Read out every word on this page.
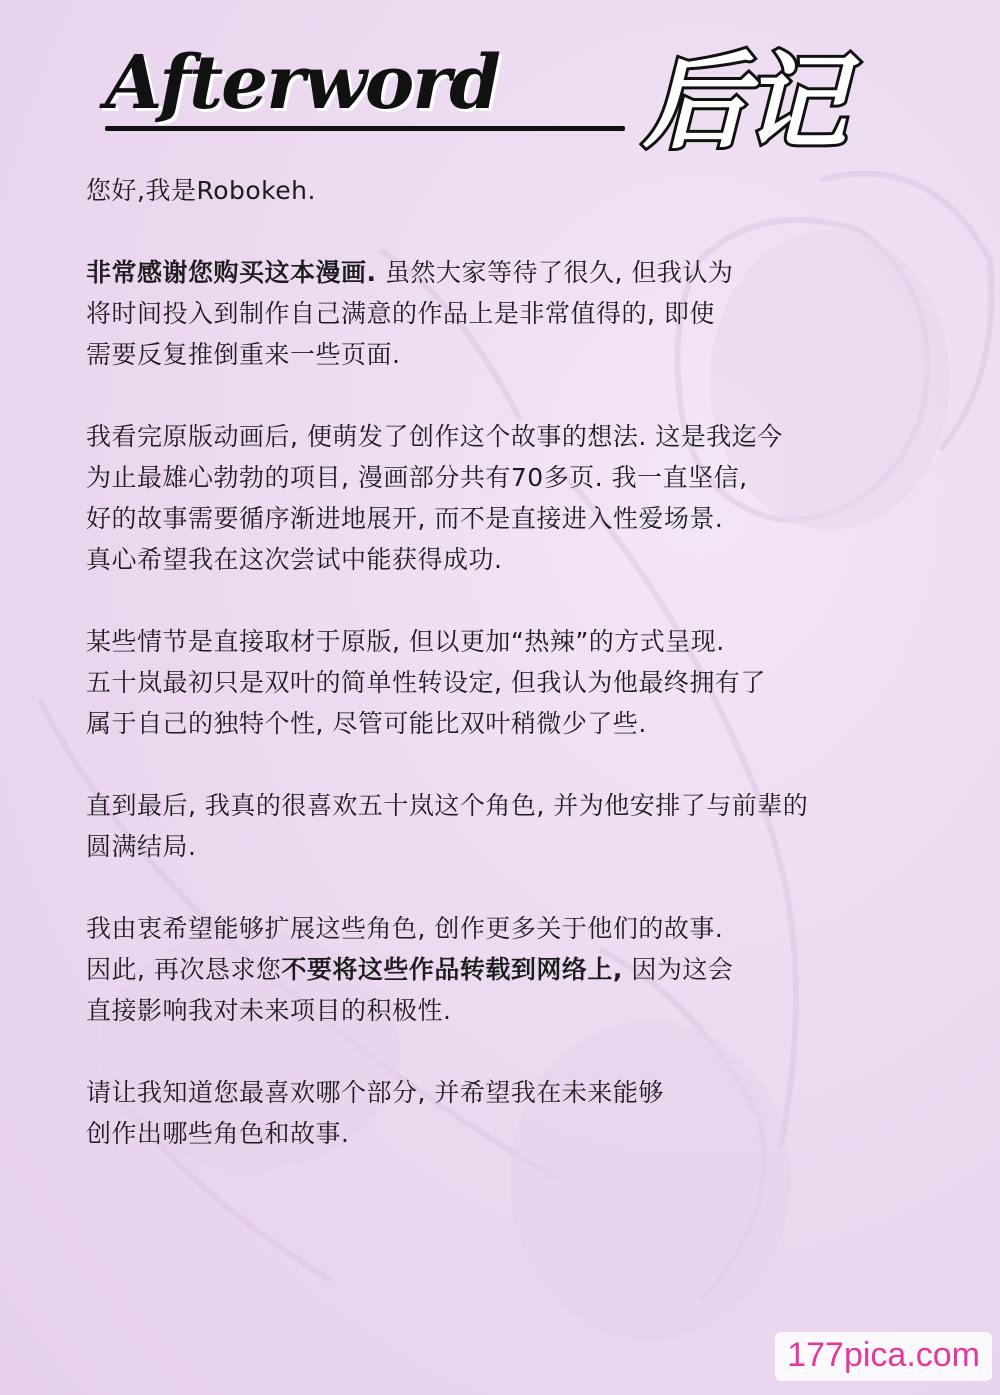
Afterword 后记

您好,我是Robokeh.

非常感谢您购买这本漫画. 虽然大家等待了很久, 但我认为
将时间投入到制作自己满意的作品上是非常值得的, 即使
需要反复推倒重来一些页面.

我看完原版动画后, 便萌发了创作这个故事的想法. 这是我迄今
为止最雄心勃勃的项目, 漫画部分共有70多页. 我一直坚信,
好的故事需要循序渐进地展开, 而不是直接进入性爱场景.
真心希望我在这次尝试中能获得成功.

某些情节是直接取材于原版, 但以更加“热辣”的方式呈现.
五十岚最初只是双叶的简单性转设定, 但我认为他最终拥有了
属于自己的独特个性, 尽管可能比双叶稍微少了些.

直到最后, 我真的很喜欢五十岚这个角色, 并为他安排了与前辈的
圆满结局.

我由衷希望能够扩展这些角色, 创作更多关于他们的故事.
因此, 再次恳求您不要将这些作品转载到网络上, 因为这会
直接影响我对未来项目的积极性.

请让我知道您最喜欢哪个部分, 并希望我在未来能够
创作出哪些角色和故事.

177pica.com
